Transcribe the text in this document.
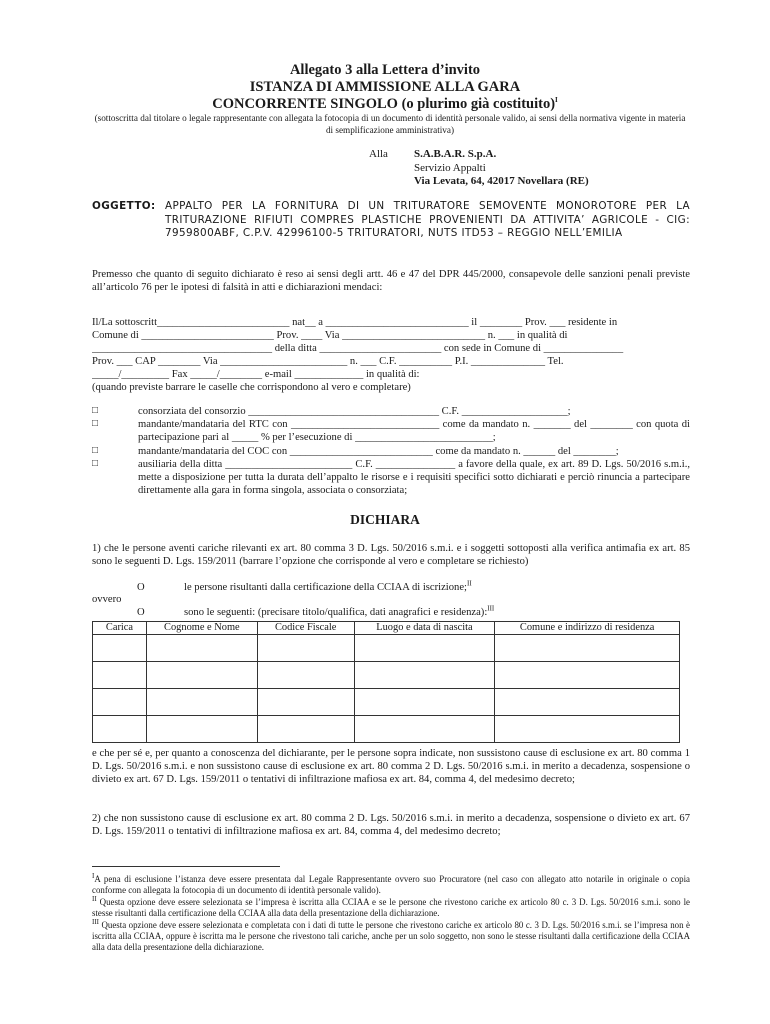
Allegato 3 alla Lettera d’invito
ISTANZA DI AMMISSIONE ALLA GARA
CONCORRENTE SINGOLO (o plurimo già costituito)$^I$
(sottoscritta dal titolare o legale rappresentante con allegata la fotocopia di un documento di identità personale valido, ai sensi della normativa vigente in materia di semplificazione amministrativa)
Alla S.A.B.A.R. S.p.A.
Servizio Appalti
Via Levata, 64, 42017 Novellara (RE)
OGGETTO: APPALTO PER LA FORNITURA DI UN TRITURATORE SEMOVENTE MONOROTORE PER LA TRITURAZIONE RIFIUTI COMPRES PLASTICHE PROVENIENTI DA ATTIVITA’ AGRICOLE - CIG: 7959800ABF, C.P.V. 42996100-5 TRITURATORI, NUTS ITD53 – REGGIO NELL’EMILIA
Premesso che quanto di seguito dichiarato è reso ai sensi degli artt. 46 e 47 del DPR 445/2000, consapevole delle sanzioni penali previste all’articolo 76 per le ipotesi di falsità in atti e dichiarazioni mendaci:
Il/La sottoscritt_________________________ nat__ a ___________________________ il ________ Prov. ___ residente in
Comune di _________________________ Prov. ____ Via ___________________________ n. ___ in qualità di
__________________________________ della ditta _______________________ con sede in Comune di _______________
Prov. ___ CAP ________ Via ________________________ n. ___ C.F. __________ P.I. ______________ Tel.
_____/_________ Fax _____/________ e-mail _____________ in qualità di:
(quando previste barrare le caselle che corrispondono al vero e completare)
□	consorziata del consorzio ____________________________________ C.F. ____________________;
□	mandante/mandataria del RTC con ____________________________ come da mandato n. _______ del ________ con quota di partecipazione pari al _____ % per l’esecuzione di __________________________;
□	mandante/mandataria del COC con ___________________________ come da mandato n. ______ del ________;
□	ausiliaria della ditta ________________________ C.F. _______________ a favore della quale, ex art. 89 D. Lgs. 50/2016 s.m.i., mette a disposizione per tutta la durata dell’appalto le risorse e i requisiti specifici sotto dichiarati e perciò rinuncia a partecipare direttamente alla gara in forma singola, associata o consorziata;
DICHIARA
1) che le persone aventi cariche rilevanti ex art. 80 comma 3 D. Lgs. 50/2016 s.m.i. e i soggetti sottoposti alla verifica antimafia ex art. 85 sono le seguenti D. Lgs. 159/2011 (barrare l’opzione che corrisponde al vero e completare se richiesto)
O	le persone risultanti dalla certificazione della CCIAA di iscrizione;$^{II}$
ovvero
O	sono le seguenti: (precisare titolo/qualifica, dati anagrafici e residenza):$^{III}$
Carica	Cognome e Nome	Codice Fiscale	Luogo e data di nascita	Comune e indirizzo di residenza

e che per sé e, per quanto a conoscenza del dichiarante, per le persone sopra indicate, non sussistono cause di esclusione ex art. 80 comma 1 D. Lgs. 50/2016 s.m.i. e non sussistono cause di esclusione ex art. 80 comma 2 D. Lgs. 50/2016 s.m.i. in merito a decadenza, sospensione o divieto ex art. 67 D. Lgs. 159/2011 o tentativi di infiltrazione mafiosa ex art. 84, comma 4, del medesimo decreto;
2) che non sussistono cause di esclusione ex art. 80 comma 2 D. Lgs. 50/2016 s.m.i. in merito a decadenza, sospensione o divieto ex art. 67 D. Lgs. 159/2011 o tentativi di infiltrazione mafiosa ex art. 84, comma 4, del medesimo decreto;
$^I$A pena di esclusione l’istanza deve essere presentata dal Legale Rappresentante ovvero suo Procuratore (nel caso con allegato atto notarile in originale o copia conforme con allegata la fotocopia di un documento di identità personale valido).
$^{II}$ Questa opzione deve essere selezionata se l’impresa è iscritta alla CCIAA e se le persone che rivestono cariche ex articolo 80 c. 3 D. Lgs. 50/2016 s.m.i. sono le stesse risultanti dalla certificazione della CCIAA alla data della presentazione della dichiarazione.
$^{III}$ Questa opzione deve essere selezionata e completata con i dati di tutte le persone che rivestono cariche ex articolo 80 c. 3 D. Lgs. 50/2016 s.m.i. se l’impresa non è iscritta alla CCIAA, oppure è iscritta ma le persone che rivestono tali cariche, anche per un solo soggetto, non sono le stesse risultanti dalla certificazione della CCIAA alla data della presentazione della dichiarazione.
